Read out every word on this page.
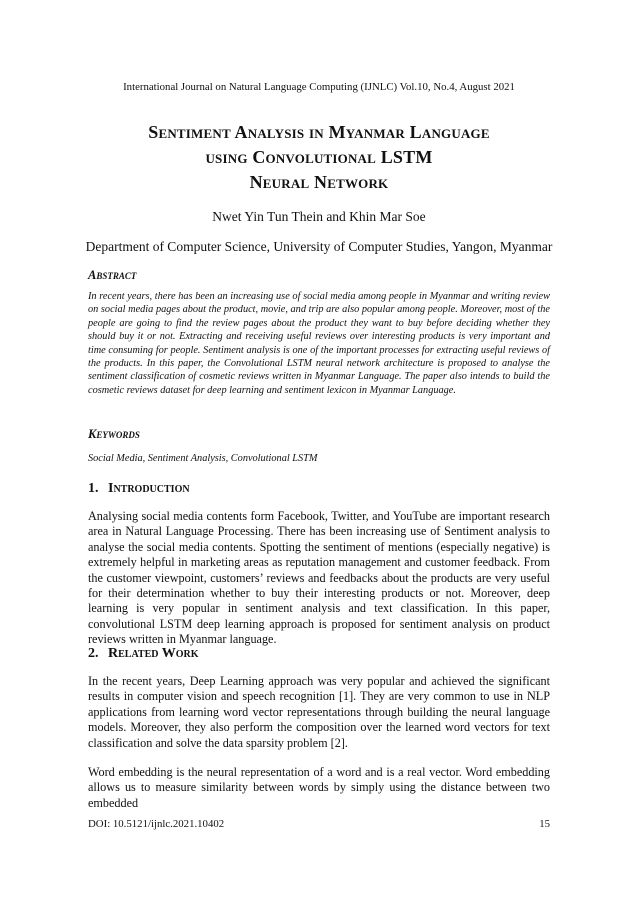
International Journal on Natural Language Computing (IJNLC) Vol.10, No.4, August 2021
Sentiment Analysis in Myanmar Language
using Convolutional LSTM
Neural Network
Nwet Yin Tun Thein and Khin Mar Soe
Department of Computer Science, University of Computer Studies, Yangon, Myanmar
Abstract
In recent years, there has been an increasing use of social media among people in Myanmar and writing review on social media pages about the product, movie, and trip are also popular among people. Moreover, most of the people are going to find the review pages about the product they want to buy before deciding whether they should buy it or not. Extracting and receiving useful reviews over interesting products is very important and time consuming for people. Sentiment analysis is one of the important processes for extracting useful reviews of the products. In this paper, the Convolutional LSTM neural network architecture is proposed to analyse the sentiment classification of cosmetic reviews written in Myanmar Language. The paper also intends to build the cosmetic reviews dataset for deep learning and sentiment lexicon in Myanmar Language.
Keywords
Social Media, Sentiment Analysis, Convolutional LSTM
1. Introduction
Analysing social media contents form Facebook, Twitter, and YouTube are important research area in Natural Language Processing. There has been increasing use of Sentiment analysis to analyse the social media contents. Spotting the sentiment of mentions (especially negative) is extremely helpful in marketing areas as reputation management and customer feedback. From the customer viewpoint, customers’ reviews and feedbacks about the products are very useful for their determination whether to buy their interesting products or not. Moreover, deep learning is very popular in sentiment analysis and text classification. In this paper, convolutional LSTM deep learning approach is proposed for sentiment analysis on product reviews written in Myanmar language.
2. Related Work
In the recent years, Deep Learning approach was very popular and achieved the significant results in computer vision and speech recognition [1]. They are very common to use in NLP applications from learning word vector representations through building the neural language models. Moreover, they also perform the composition over the learned word vectors for text classification and solve the data sparsity problem [2].
Word embedding is the neural representation of a word and is a real vector. Word embedding allows us to measure similarity between words by simply using the distance between two embedded
DOI: 10.5121/ijnlc.2021.10402	15
